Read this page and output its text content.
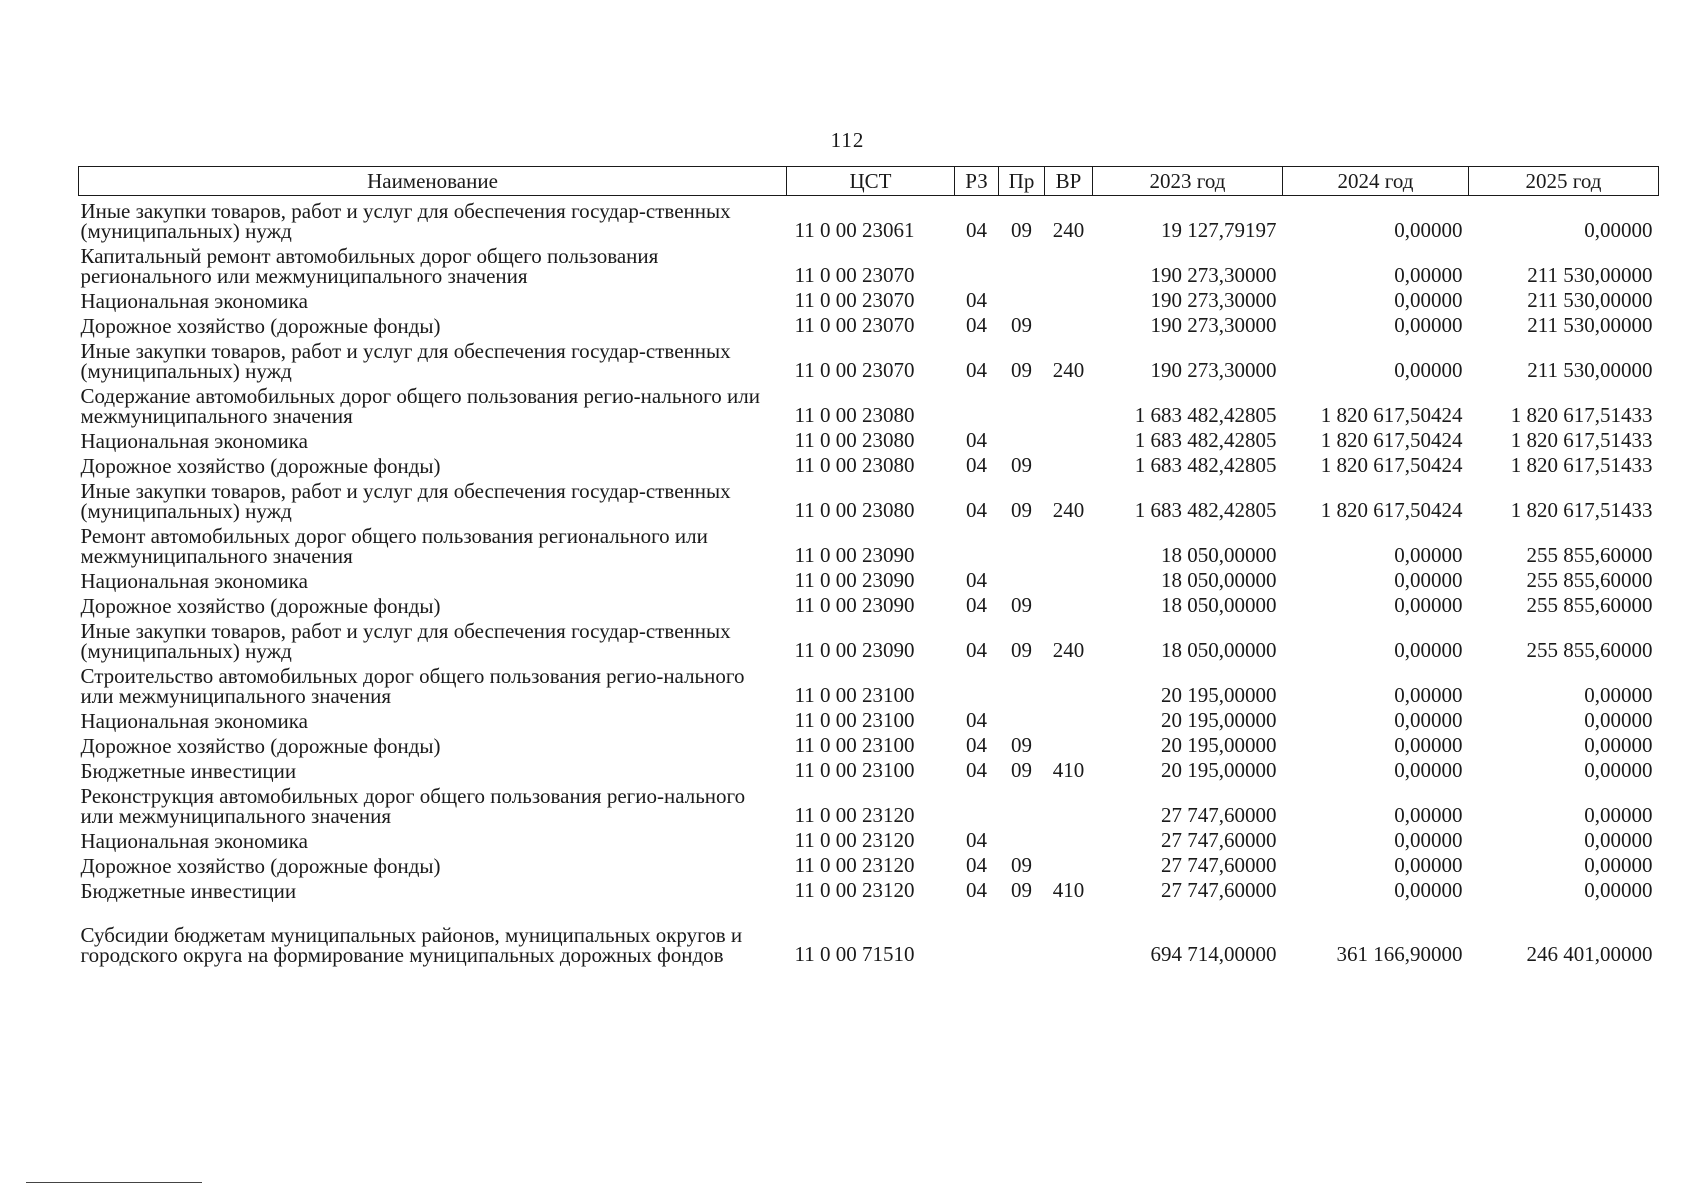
112
Наименование	ЦСТ	РЗ	Пр	ВР	2023 год	2024 год	2025 год
Иные закупки товаров, работ и услуг для обеспечения государ-ственных (муниципальных) нужд	11 0 00 23061	04	09	240	19 127,79197	0,00000	0,00000
Капитальный ремонт автомобильных дорог общего пользования регионального или межмуниципального значения	11 0 00 23070				190 273,30000	0,00000	211 530,00000
Национальная экономика	11 0 00 23070	04			190 273,30000	0,00000	211 530,00000
Дорожное хозяйство (дорожные фонды)	11 0 00 23070	04	09		190 273,30000	0,00000	211 530,00000
Иные закупки товаров, работ и услуг для обеспечения государ-ственных (муниципальных) нужд	11 0 00 23070	04	09	240	190 273,30000	0,00000	211 530,00000
Содержание автомобильных дорог общего пользования регио-нального или межмуниципального значения	11 0 00 23080				1 683 482,42805	1 820 617,50424	1 820 617,51433
Национальная экономика	11 0 00 23080	04			1 683 482,42805	1 820 617,50424	1 820 617,51433
Дорожное хозяйство (дорожные фонды)	11 0 00 23080	04	09		1 683 482,42805	1 820 617,50424	1 820 617,51433
Иные закупки товаров, работ и услуг для обеспечения государ-ственных (муниципальных) нужд	11 0 00 23080	04	09	240	1 683 482,42805	1 820 617,50424	1 820 617,51433
Ремонт автомобильных дорог общего пользования регионального или межмуниципального значения	11 0 00 23090				18 050,00000	0,00000	255 855,60000
Национальная экономика	11 0 00 23090	04			18 050,00000	0,00000	255 855,60000
Дорожное хозяйство (дорожные фонды)	11 0 00 23090	04	09		18 050,00000	0,00000	255 855,60000
Иные закупки товаров, работ и услуг для обеспечения государ-ственных (муниципальных) нужд	11 0 00 23090	04	09	240	18 050,00000	0,00000	255 855,60000
Строительство автомобильных дорог общего пользования регио-нального или межмуниципального значения	11 0 00 23100				20 195,00000	0,00000	0,00000
Национальная экономика	11 0 00 23100	04			20 195,00000	0,00000	0,00000
Дорожное хозяйство (дорожные фонды)	11 0 00 23100	04	09		20 195,00000	0,00000	0,00000
Бюджетные инвестиции	11 0 00 23100	04	09	410	20 195,00000	0,00000	0,00000
Реконструкция автомобильных дорог общего пользования регио-нального или межмуниципального значения	11 0 00 23120				27 747,60000	0,00000	0,00000
Национальная экономика	11 0 00 23120	04			27 747,60000	0,00000	0,00000
Дорожное хозяйство (дорожные фонды)	11 0 00 23120	04	09		27 747,60000	0,00000	0,00000
Бюджетные инвестиции	11 0 00 23120	04	09	410	27 747,60000	0,00000	0,00000
Субсидии бюджетам муниципальных районов, муниципальных округов и городского округа на формирование муниципальных дорожных фондов	11 0 00 71510				694 714,00000	361 166,90000	246 401,00000
